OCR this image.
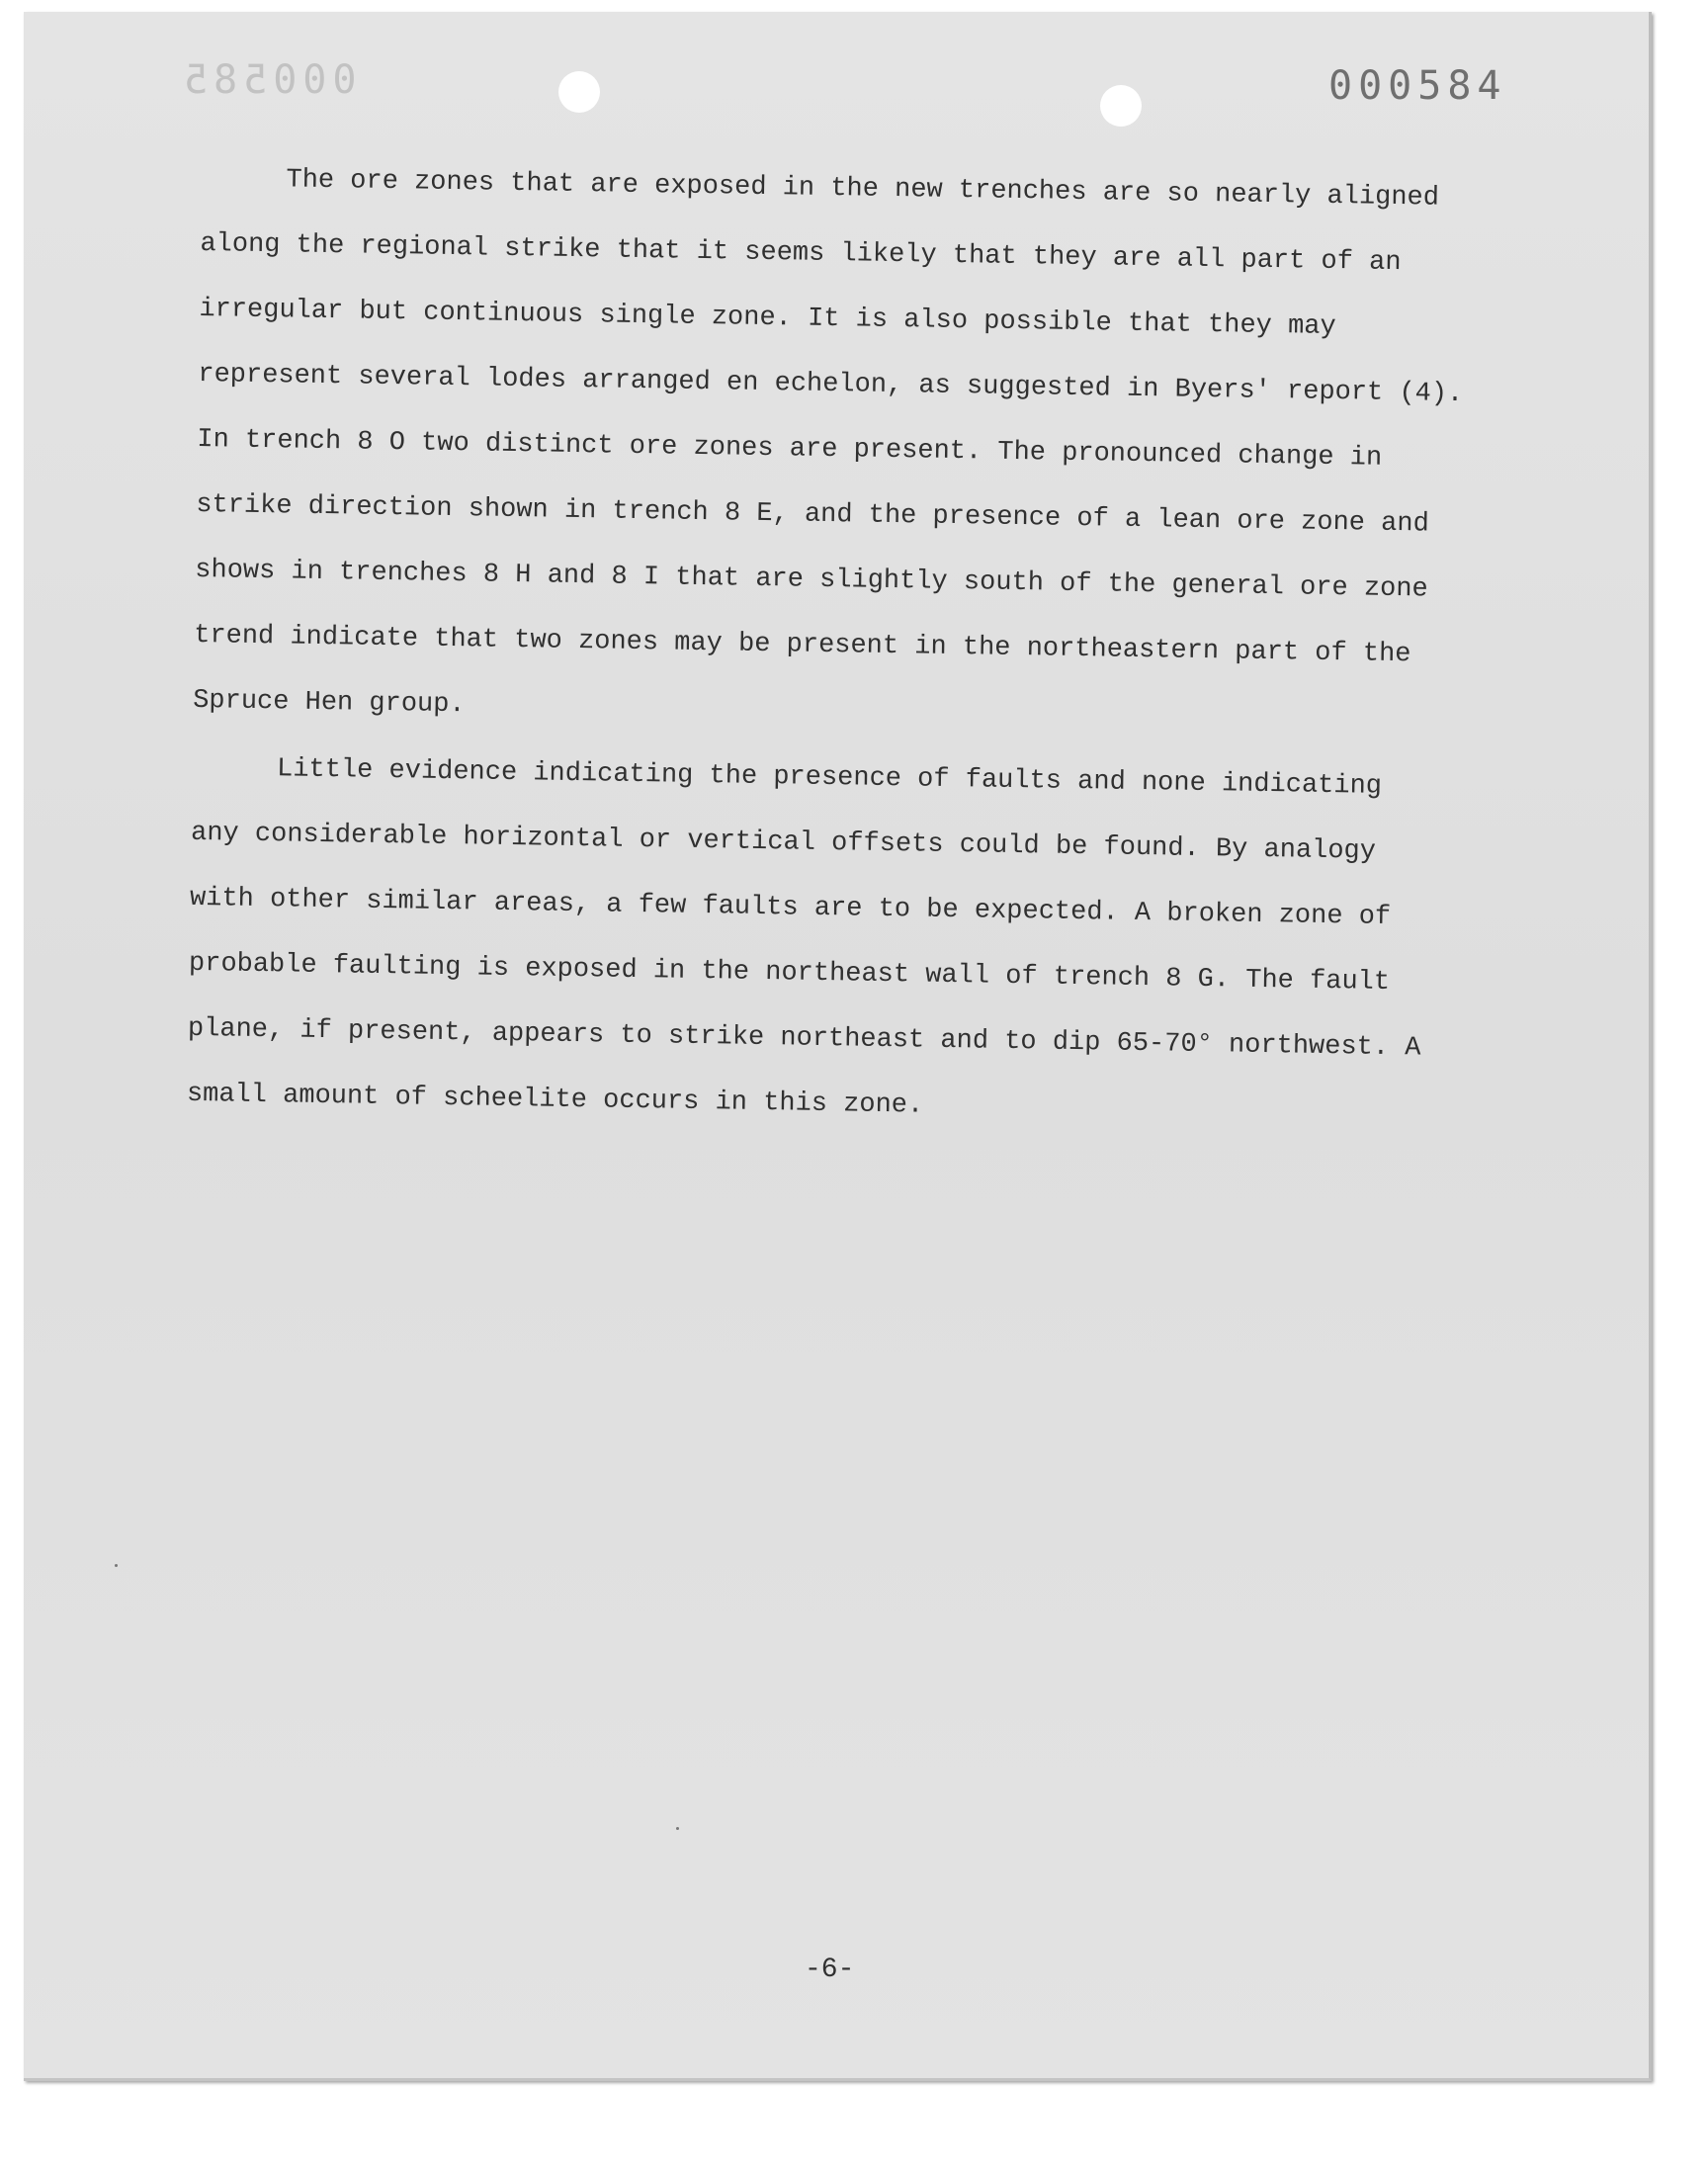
000585	000584

The ore zones that are exposed in the new trenches are so nearly aligned

along the regional strike that it seems likely that they are all part of an

irregular but continuous single zone. It is also possible that they may

represent several lodes arranged en echelon, as suggested in Byers' report (4).

In trench 8 O two distinct ore zones are present. The pronounced change in

strike direction shown in trench 8 E, and the presence of a lean ore zone and

shows in trenches 8 H and 8 I that are slightly south of the general ore zone

trend indicate that two zones may be present in the northeastern part of the

Spruce Hen group.

Little evidence indicating the presence of faults and none indicating

any considerable horizontal or vertical offsets could be found. By analogy

with other similar areas, a few faults are to be expected. A broken zone of

probable faulting is exposed in the northeast wall of trench 8 G. The fault

plane, if present, appears to strike northeast and to dip 65-70° northwest. A

small amount of scheelite occurs in this zone.

-6-
